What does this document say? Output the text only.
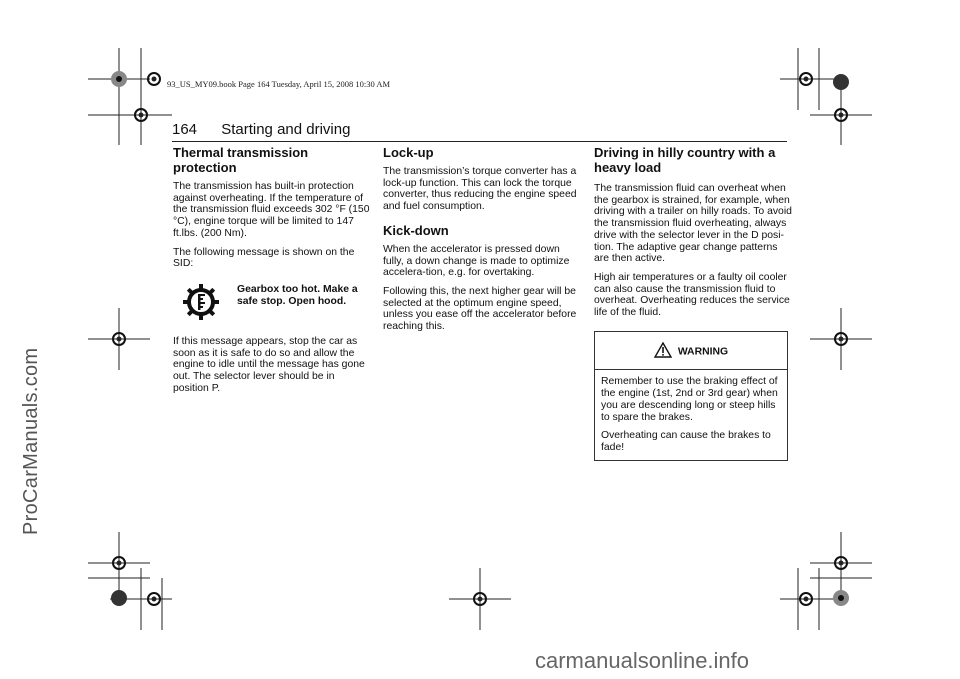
93_US_MY09.book Page 164 Tuesday, April 15, 2008 10:30 AM
164 Starting and driving
Thermal transmission protection

The transmission has built-in protection against overheating. If the temperature of the transmission fluid exceeds 302 °F (150 °C), engine torque will be limited to 147 ft.lbs. (200 Nm).

The following message is shown on the SID:

Gearbox too hot. Make a safe stop. Open hood.

If this message appears, stop the car as soon as it is safe to do so and allow the engine to idle until the message has gone out. The selector lever should be in position P.

Lock-up

The transmission’s torque converter has a lock-up function. This can lock the torque converter, thus reducing the engine speed and fuel consumption.

Kick-down

When the accelerator is pressed down fully, a down change is made to optimize accelera-tion, e.g. for overtaking.

Following this, the next higher gear will be selected at the optimum engine speed, unless you ease off the accelerator before reaching this.

Driving in hilly country with a heavy load

The transmission fluid can overheat when the gearbox is strained, for example, when driving with a trailer on hilly roads. To avoid the transmission fluid overheating, always drive with the selector lever in the D posi-tion. The adaptive gear change patterns are then active.

High air temperatures or a faulty oil cooler can also cause the transmission fluid to overheat. Overheating reduces the service life of the fluid.

WARNING

Remember to use the braking effect of the engine (1st, 2nd or 3rd gear) when you are descending long or steep hills to spare the brakes.

Overheating can cause the brakes to fade!

ProCarManuals.com
carmanualsonline.info
